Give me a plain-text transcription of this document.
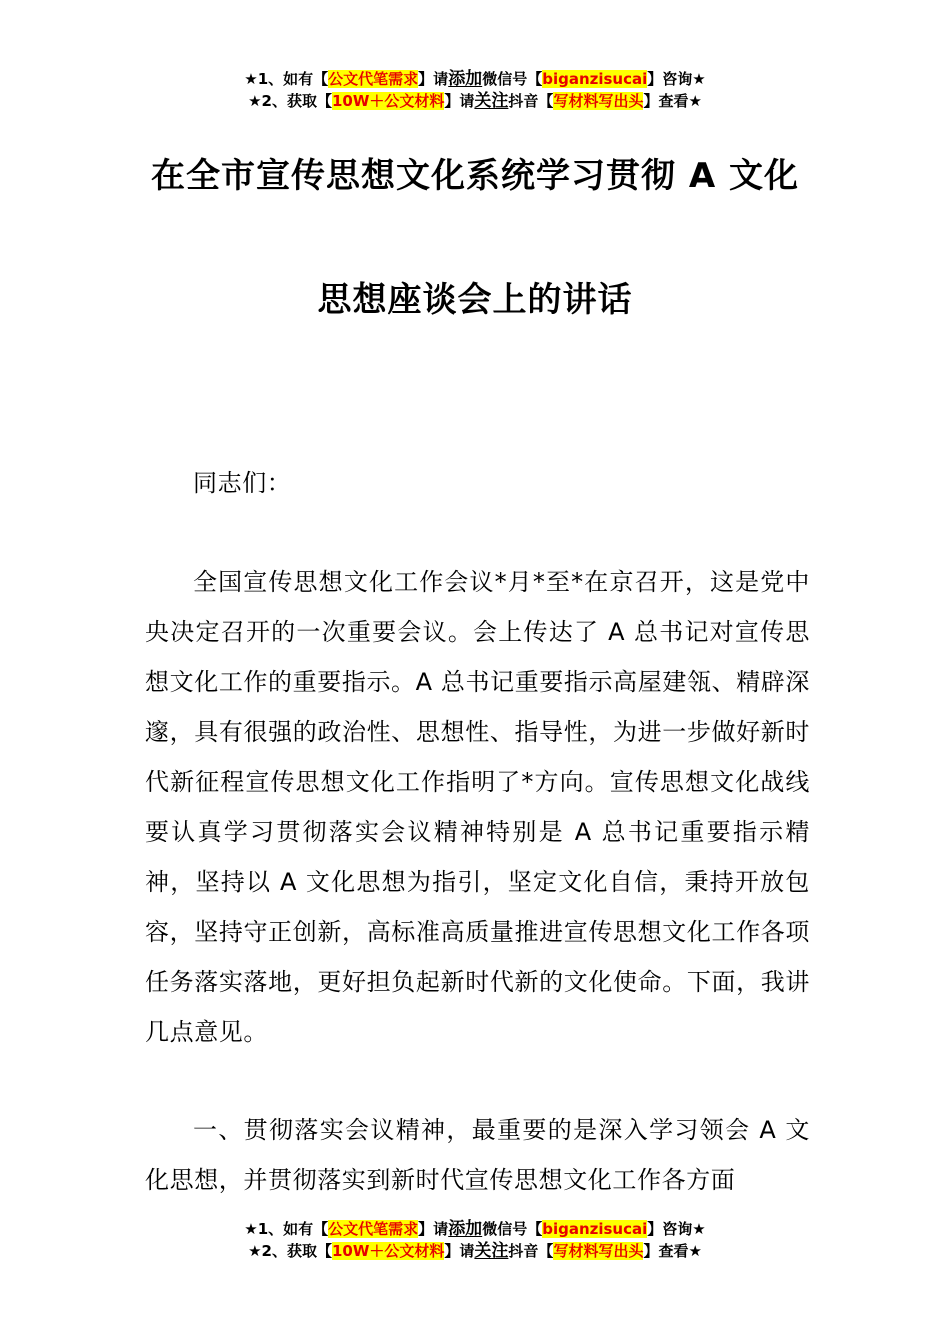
★1、如有【公文代笔需求】请添加微信号【biganzisucai】咨询★
★2、获取【10W＋公文材料】请关注抖音【写材料写出头】查看★
在全市宣传思想文化系统学习贯彻 A 文化
思想座谈会上的讲话

同志们：

全国宣传思想文化工作会议*月*至*在京召开，这是党中央决定召开的一次重要会议。会上传达了 A 总书记对宣传思想文化工作的重要指示。A 总书记重要指示高屋建瓴、精辟深邃，具有很强的政治性、思想性、指导性，为进一步做好新时代新征程宣传思想文化工作指明了*方向。宣传思想文化战线要认真学习贯彻落实会议精神特别是 A 总书记重要指示精神，坚持以 A 文化思想为指引，坚定文化自信，秉持开放包容，坚持守正创新，高标准高质量推进宣传思想文化工作各项任务落实落地，更好担负起新时代新的文化使命。下面，我讲几点意见。

一、贯彻落实会议精神，最重要的是深入学习领会 A 文化思想，并贯彻落实到新时代宣传思想文化工作各方面

★1、如有【公文代笔需求】请添加微信号【biganzisucai】咨询★
★2、获取【10W＋公文材料】请关注抖音【写材料写出头】查看★
